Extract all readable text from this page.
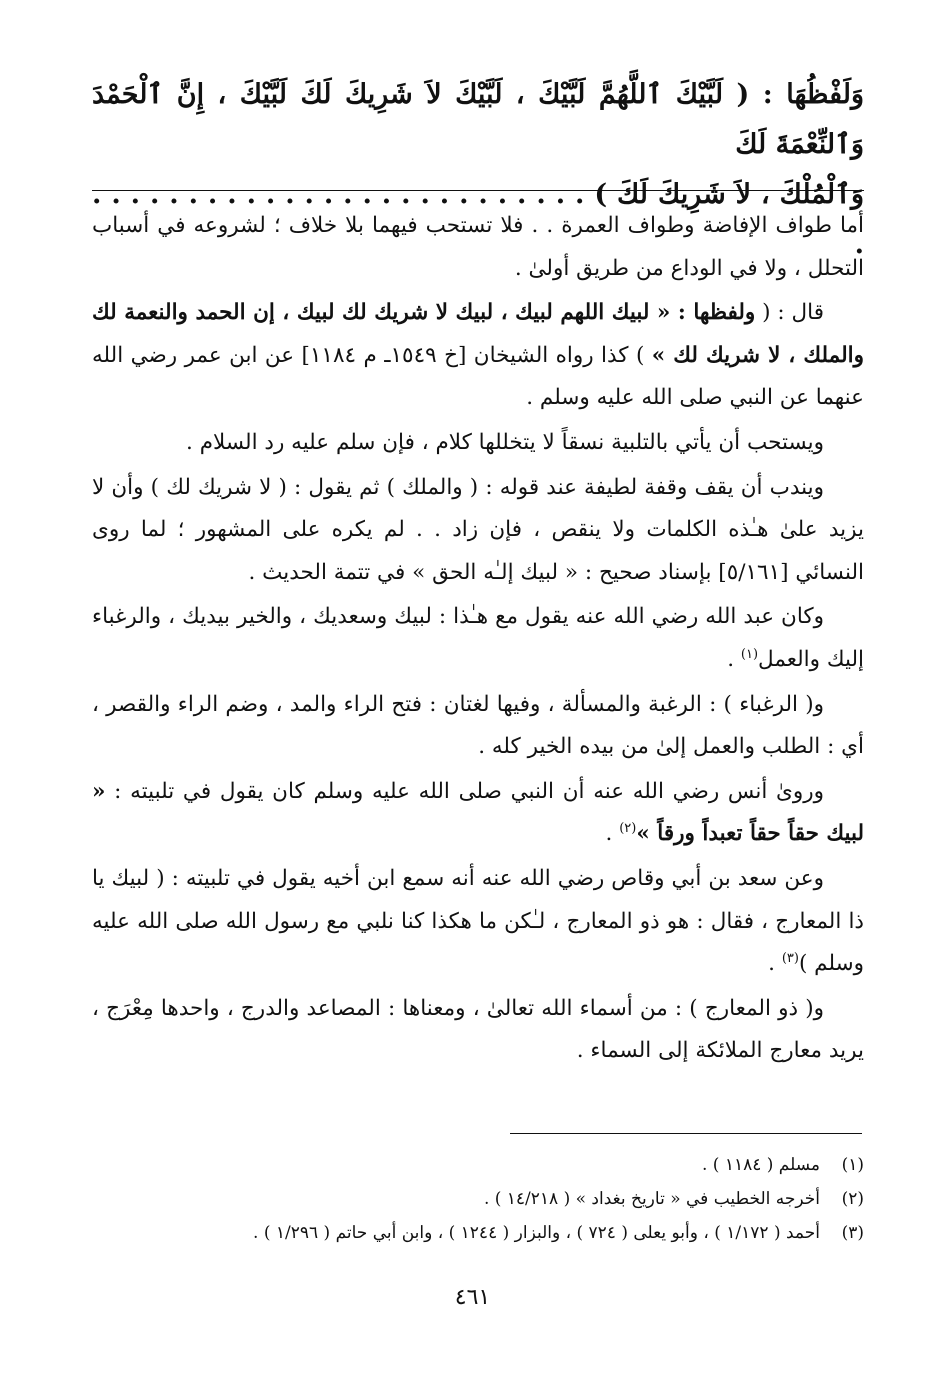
وَلَفْظُهَا : ( لَبَّيْكَ ٱللَّهُمَّ لَبَّيْكَ ، لَبَّيْكَ لاَ شَرِيكَ لَكَ لَبَّيْكَ ، إِنَّ ٱلْحَمْدَ وَٱلنِّعْمَةَ لَكَ
وَٱلْمُلْكَ ، لاَ شَرِيكَ لَكَ ) . . . . . . . . . . . . . . . . . . . . . . . . . . .

أما طواف الإفاضة وطواف العمرة . . فلا تستحب فيهما بلا خلاف ؛ لشروعه في أسباب التحلل ، ولا في الوداع من طريق أولىٰ .

قال : ( ولفظها : « لبيك اللهم لبيك ، لبيك لا شريك لك لبيك ، إن الحمد والنعمة لك والملك ، لا شريك لك » ) كذا رواه الشيخان [خ ١٥٤٩ـ م ١١٨٤] عن ابن عمر رضي الله عنهما عن النبي صلى الله عليه وسلم .

ويستحب أن يأتي بالتلبية نسقاً لا يتخللها كلام ، فإن سلم عليه رد السلام .

ويندب أن يقف وقفة لطيفة عند قوله : ( والملك ) ثم يقول : ( لا شريك لك ) وأن لا يزيد علىٰ هـٰذه الكلمات ولا ينقص ، فإن زاد . . لم يكره على المشهور ؛ لما روى النسائي [٥/١٦١] بإسناد صحيح : « لبيك إلـٰه الحق » في تتمة الحديث .

وكان عبد الله رضي الله عنه يقول مع هـٰذا : لبيك وسعديك ، والخير بيديك ، والرغباء إليك والعمل$^{(١)}$ .

و( الرغباء ) : الرغبة والمسألة ، وفيها لغتان : فتح الراء والمد ، وضم الراء والقصر ، أي : الطلب والعمل إلىٰ من بيده الخير كله .

وروىٰ أنس رضي الله عنه أن النبي صلى الله عليه وسلم كان يقول في تلبيته : « لبيك حقاً حقاً تعبداً ورقاً »$^{(٢)}$ .

وعن سعد بن أبي وقاص رضي الله عنه أنه سمع ابن أخيه يقول في تلبيته : ( لبيك يا ذا المعارج ، فقال : هو ذو المعارج ، لـٰكن ما هكذا كنا نلبي مع رسول الله صلى الله عليه وسلم )$^{(٣)}$ .

و( ذو المعارج ) : من أسماء الله تعالىٰ ، ومعناها : المصاعد والدرج ، واحدها مِعْرَج ، يريد معارج الملائكة إلى السماء .

(١)مسلم ( ١١٨٤ ) .
(٢)أخرجه الخطيب في « تاريخ بغداد » ( ١٤/٢١٨ ) .
(٣)أحمد ( ١/١٧٢ ) ، وأبو يعلى ( ٧٢٤ ) ، والبزار ( ١٢٤٤ ) ، وابن أبي حاتم ( ١/٢٩٦ ) .
٤٦١
